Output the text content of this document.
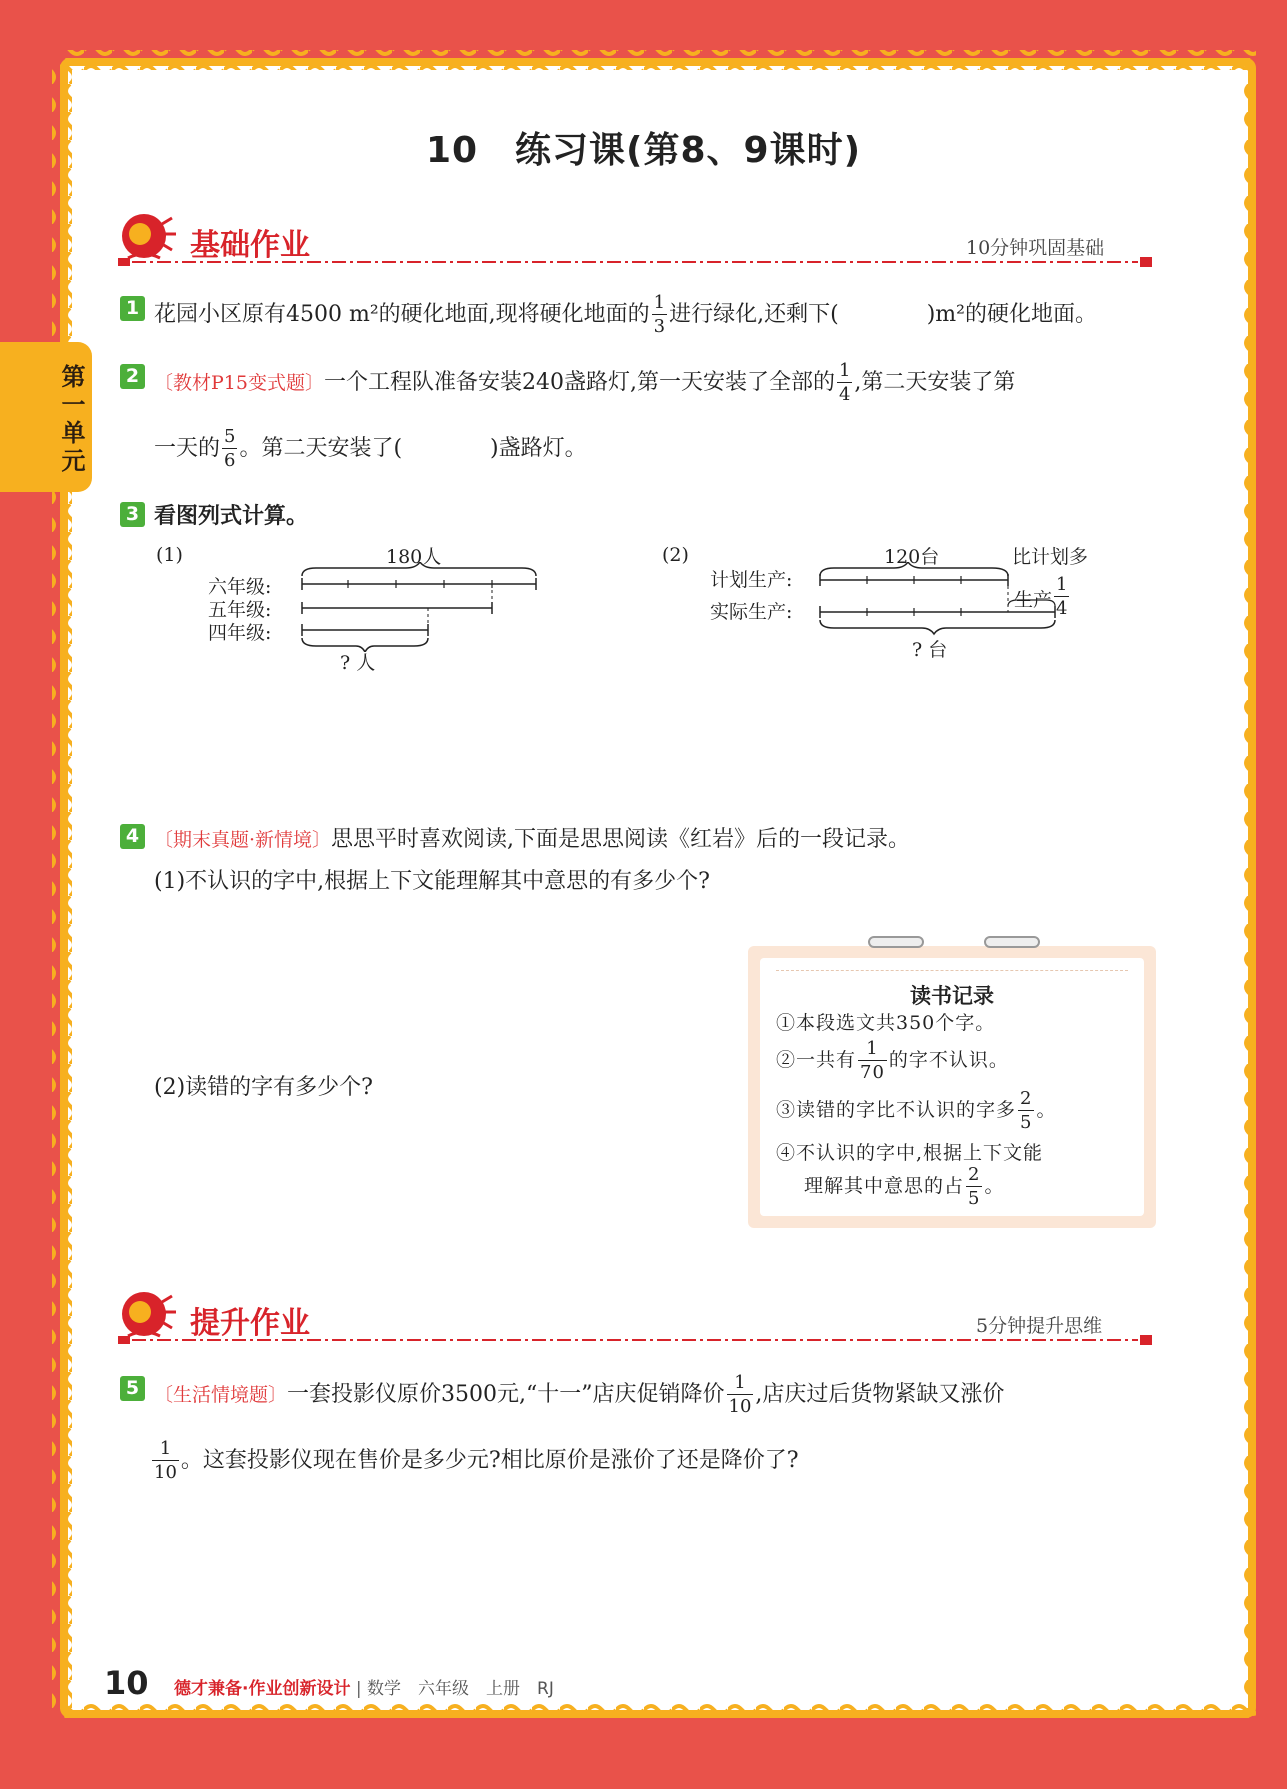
10　练习课(第8、9课时)
第一单元
基础作业	10分钟巩固基础
1 花园小区原有4500 m²的硬化地面,现将硬化地面的 $\frac{1}{3}$ 进行绿化,还剩下(　　　　)m²的硬化地面。
2 〔教材P15变式题〕一个工程队准备安装240盏路灯,第一天安装了全部的 $\frac{1}{4}$ ,第二天安装了第
一天的 $\frac{5}{6}$ 。第二天安装了(　　　　)盏路灯。
3 看图列式计算。
(1)	180人
六年级:
五年级:
四年级:
? 人
(2)	120台	比计划多
计划生产:
实际生产:
生产 $\frac{1}{4}$
? 台
4 〔期末真题·新情境〕思思平时喜欢阅读,下面是思思阅读《红岩》后的一段记录。
(1)不认识的字中,根据上下文能理解其中意思的有多少个?
(2)读错的字有多少个?
读书记录
①本段选文共350个字。
②一共有 $\frac{1}{70}$ 的字不认识。
③读错的字比不认识的字多 $\frac{2}{5}$ 。
④不认识的字中,根据上下文能
理解其中意思的占 $\frac{2}{5}$ 。
提升作业	5分钟提升思维
5 〔生活情境题〕一套投影仪原价3500元,“十一”店庆促销降价 $\frac{1}{10}$ ,店庆过后货物紧缺又涨价
$\frac{1}{10}$ 。这套投影仪现在售价是多少元?相比原价是涨价了还是降价了?
10 德才兼备·作业创新设计 | 数学　六年级　上册　RJ
